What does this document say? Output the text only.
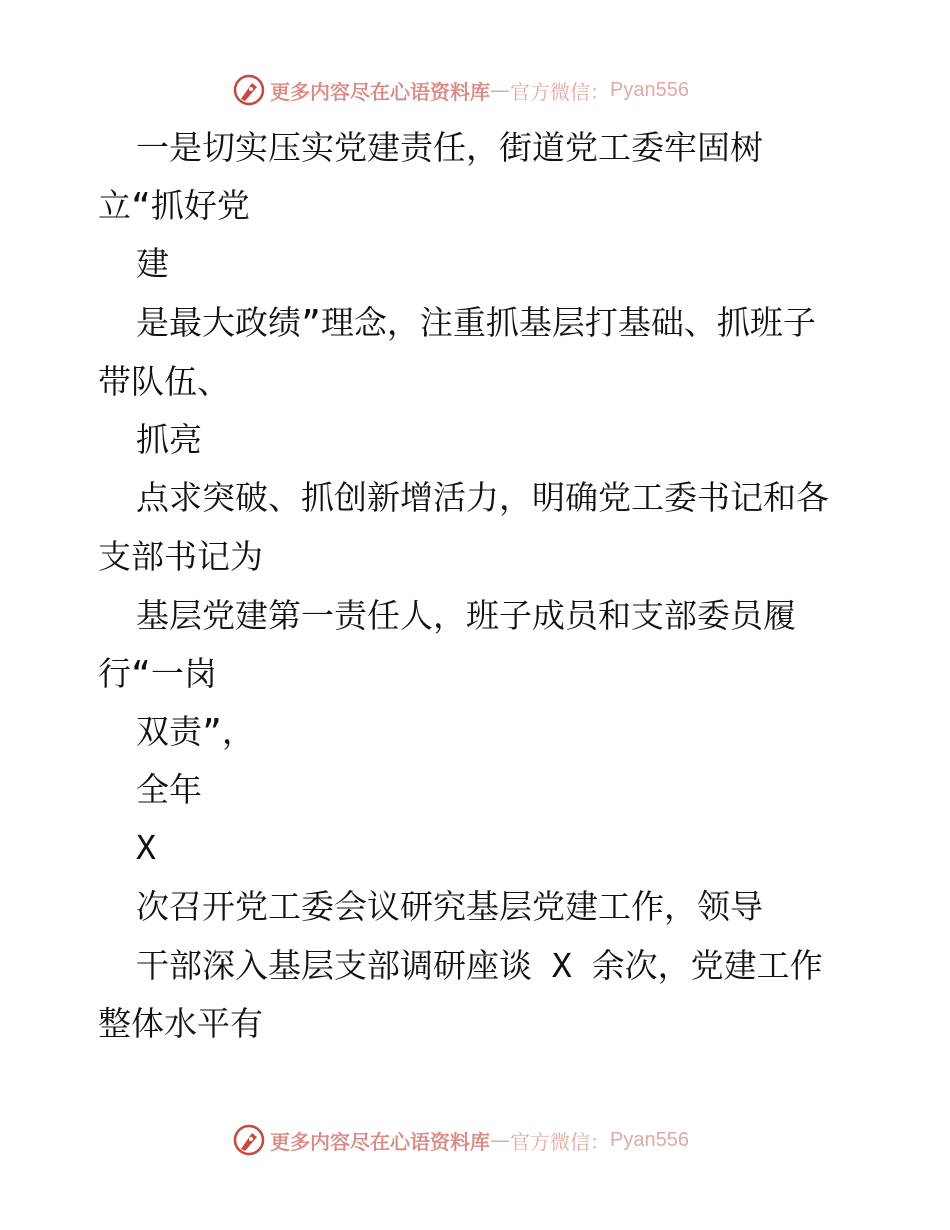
更多内容尽在心语资料库 — 官方微信： Pyan556
一是切实压实党建责任，街道党工委牢固树
立“抓好党
建
是最大政绩”理念，注重抓基层打基础、抓班子
带队伍、
抓亮
点求突破、抓创新增活力，明确党工委书记和各
支部书记为
基层党建第一责任人，班子成员和支部委员履
行“一岗
双责”，
全年
X
次召开党工委会议研究基层党建工作，领导
干部深入基层支部调研座谈 X 余次，党建工作
整体水平有
更多内容尽在心语资料库 — 官方微信： Pyan556
